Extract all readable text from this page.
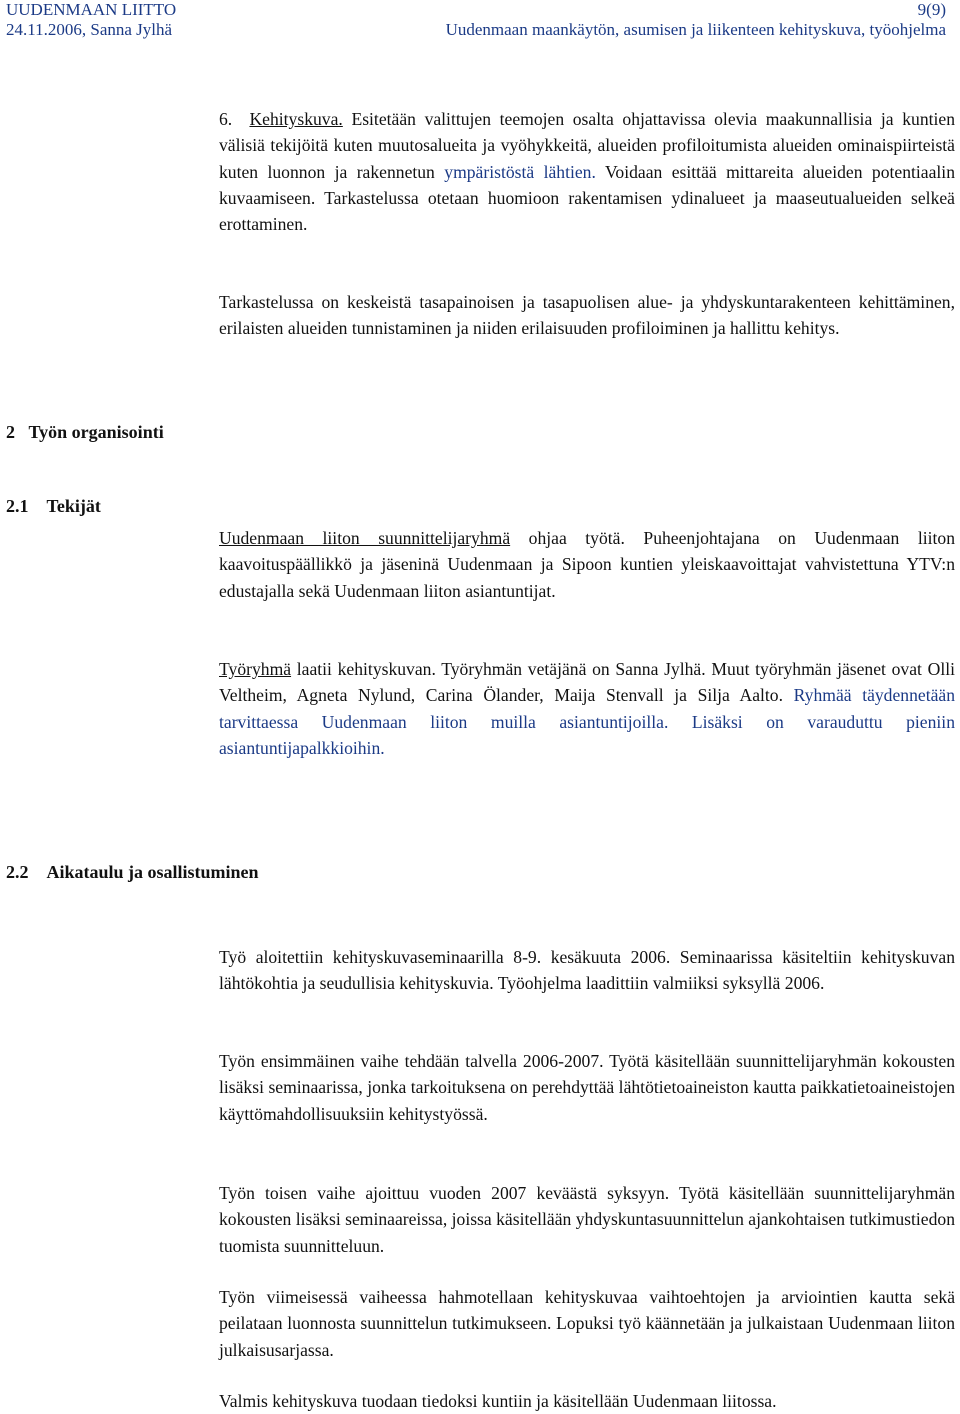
UUDENMAAN LIITTO	9(9)
24.11.2006, Sanna Jylhä	Uudenmaan maankäytön, asumisen ja liikenteen kehityskuva, työohjelma

6. Kehityskuva. Esitetään valittujen teemojen osalta ohjattavissa olevia maakunnallisia ja kuntien välisiä tekijöitä kuten muutosalueita ja vyöhykkeitä, alueiden profiloitumista alueiden ominaispiirteistä kuten luonnon ja rakennetun ympäristöstä lähtien. Voidaan esittää mittareita alueiden potentiaalin kuvaamiseen. Tarkastelussa otetaan huomioon rakentamisen ydinalueet ja maaseutualueiden selkeä erottaminen.

Tarkastelussa on keskeistä tasapainoisen ja tasapuolisen alue- ja yhdyskuntarakenteen kehittäminen, erilaisten alueiden tunnistaminen ja niiden erilaisuuden profiloiminen ja hallittu kehitys.

2 Työn organisointi
2.1 Tekijät

Uudenmaan liiton suunnittelijaryhmä ohjaa työtä. Puheenjohtajana on Uudenmaan liiton kaavoituspäällikkö ja jäseninä Uudenmaan ja Sipoon kuntien yleiskaavoittajat vahvistettuna YTV:n edustajalla sekä Uudenmaan liiton asiantuntijat.

Työryhmä laatii kehityskuvan. Työryhmän vetäjänä on Sanna Jylhä. Muut työryhmän jäsenet ovat Olli Veltheim, Agneta Nylund, Carina Ölander, Maija Stenvall ja Silja Aalto. Ryhmää täydennetään tarvittaessa Uudenmaan liiton muilla asiantuntijoilla. Lisäksi on varauduttu pieniin asiantuntijapalkkioihin.

2.2 Aikataulu ja osallistuminen

Työ aloitettiin kehityskuvaseminaarilla 8-9. kesäkuuta 2006. Seminaarissa käsiteltiin kehityskuvan lähtökohtia ja seudullisia kehityskuvia. Työohjelma laadittiin valmiiksi syksyllä 2006.

Työn ensimmäinen vaihe tehdään talvella 2006-2007. Työtä käsitellään suunnittelijaryhmän kokousten lisäksi seminaarissa, jonka tarkoituksena on perehdyttää lähtötietoaineiston kautta paikkatietoaineistojen käyttömahdollisuuksiin kehitystyössä.

Työn toisen vaihe ajoittuu vuoden 2007 keväästä syksyyn. Työtä käsitellään suunnittelijaryhmän kokousten lisäksi seminaareissa, joissa käsitellään yhdyskuntasuunnittelun ajankohtaisen tutkimustiedon tuomista suunnitteluun.

Työn viimeisessä vaiheessa hahmotellaan kehityskuvaa vaihtoehtojen ja arviointien kautta sekä peilataan luonnosta suunnittelun tutkimukseen. Lopuksi työ käännetään ja julkaistaan Uudenmaan liiton julkaisusarjassa.

Valmis kehityskuva tuodaan tiedoksi kuntiin ja käsitellään Uudenmaan liitossa.
